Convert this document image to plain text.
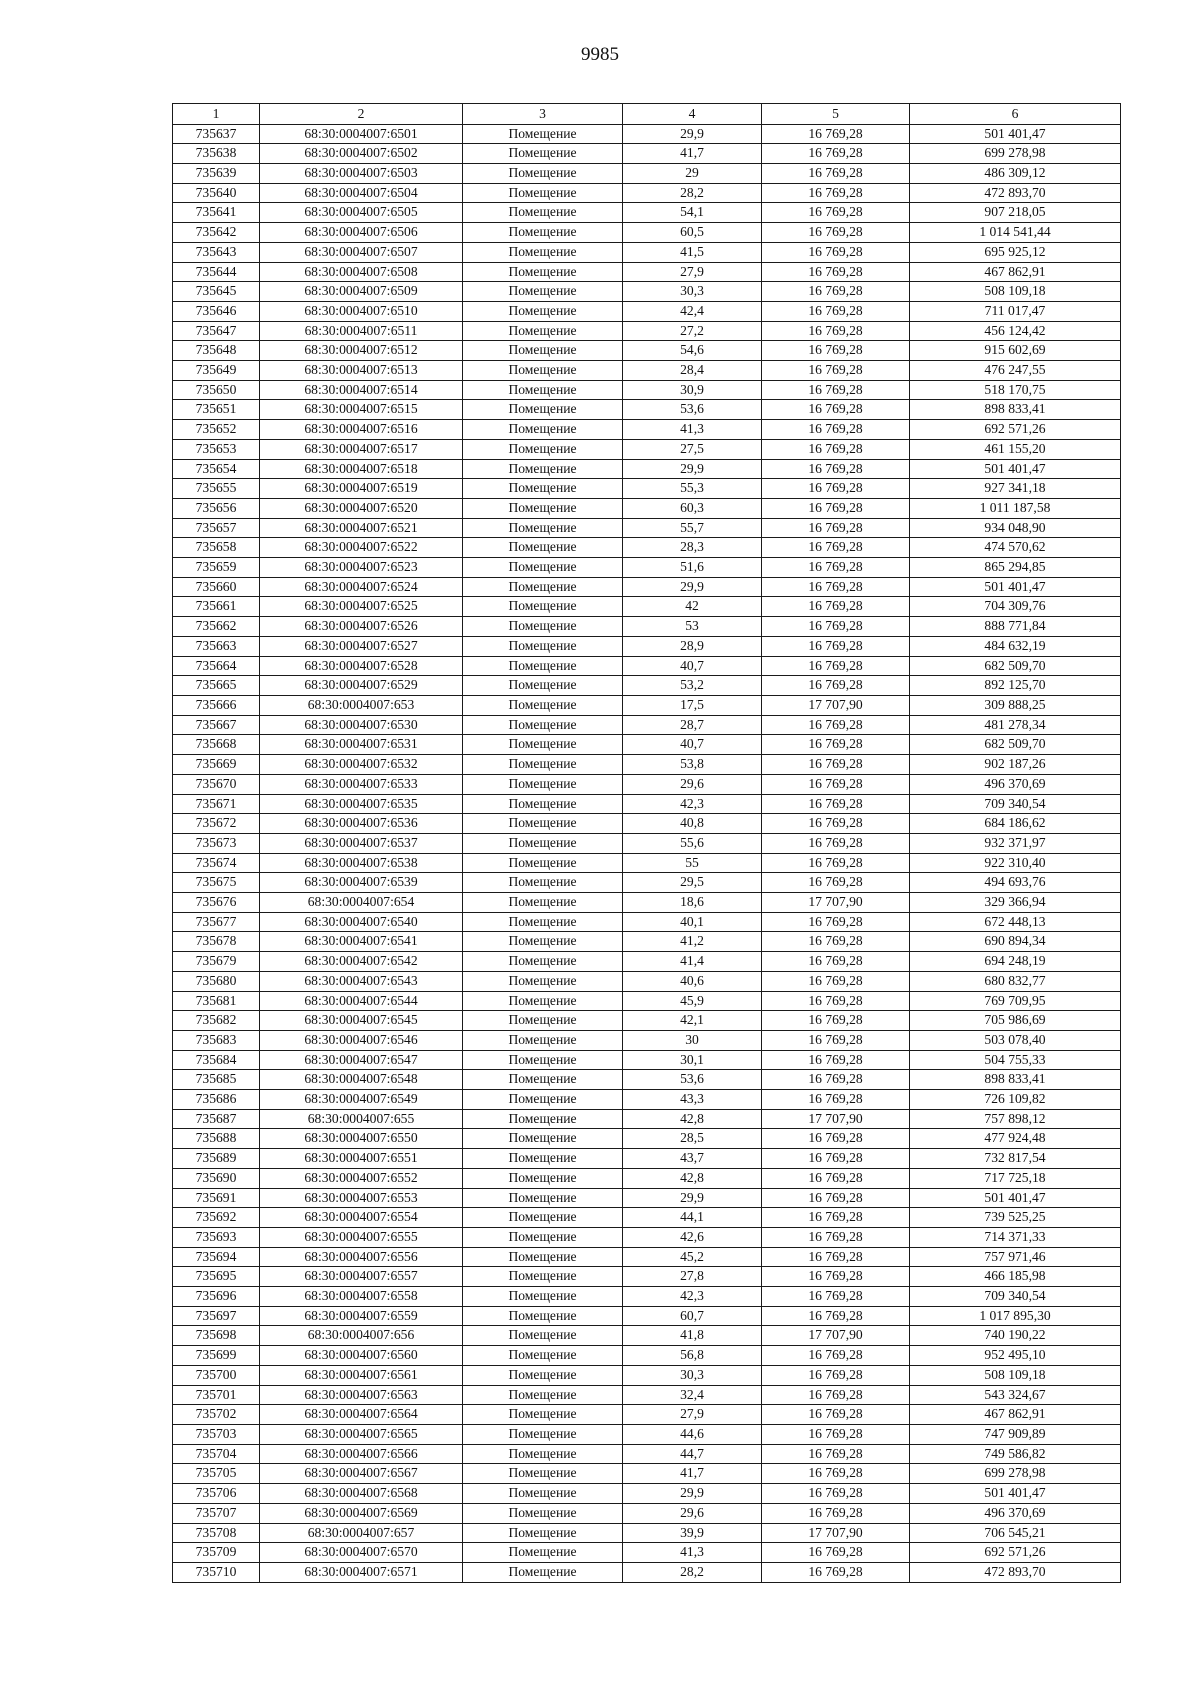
9985
1	2	3	4	5	6
735637	68:30:0004007:6501	Помещение	29,9	16 769,28	501 401,47
735638	68:30:0004007:6502	Помещение	41,7	16 769,28	699 278,98
735639	68:30:0004007:6503	Помещение	29	16 769,28	486 309,12
735640	68:30:0004007:6504	Помещение	28,2	16 769,28	472 893,70
735641	68:30:0004007:6505	Помещение	54,1	16 769,28	907 218,05
735642	68:30:0004007:6506	Помещение	60,5	16 769,28	1 014 541,44
735643	68:30:0004007:6507	Помещение	41,5	16 769,28	695 925,12
735644	68:30:0004007:6508	Помещение	27,9	16 769,28	467 862,91
735645	68:30:0004007:6509	Помещение	30,3	16 769,28	508 109,18
735646	68:30:0004007:6510	Помещение	42,4	16 769,28	711 017,47
735647	68:30:0004007:6511	Помещение	27,2	16 769,28	456 124,42
735648	68:30:0004007:6512	Помещение	54,6	16 769,28	915 602,69
735649	68:30:0004007:6513	Помещение	28,4	16 769,28	476 247,55
735650	68:30:0004007:6514	Помещение	30,9	16 769,28	518 170,75
735651	68:30:0004007:6515	Помещение	53,6	16 769,28	898 833,41
735652	68:30:0004007:6516	Помещение	41,3	16 769,28	692 571,26
735653	68:30:0004007:6517	Помещение	27,5	16 769,28	461 155,20
735654	68:30:0004007:6518	Помещение	29,9	16 769,28	501 401,47
735655	68:30:0004007:6519	Помещение	55,3	16 769,28	927 341,18
735656	68:30:0004007:6520	Помещение	60,3	16 769,28	1 011 187,58
735657	68:30:0004007:6521	Помещение	55,7	16 769,28	934 048,90
735658	68:30:0004007:6522	Помещение	28,3	16 769,28	474 570,62
735659	68:30:0004007:6523	Помещение	51,6	16 769,28	865 294,85
735660	68:30:0004007:6524	Помещение	29,9	16 769,28	501 401,47
735661	68:30:0004007:6525	Помещение	42	16 769,28	704 309,76
735662	68:30:0004007:6526	Помещение	53	16 769,28	888 771,84
735663	68:30:0004007:6527	Помещение	28,9	16 769,28	484 632,19
735664	68:30:0004007:6528	Помещение	40,7	16 769,28	682 509,70
735665	68:30:0004007:6529	Помещение	53,2	16 769,28	892 125,70
735666	68:30:0004007:653	Помещение	17,5	17 707,90	309 888,25
735667	68:30:0004007:6530	Помещение	28,7	16 769,28	481 278,34
735668	68:30:0004007:6531	Помещение	40,7	16 769,28	682 509,70
735669	68:30:0004007:6532	Помещение	53,8	16 769,28	902 187,26
735670	68:30:0004007:6533	Помещение	29,6	16 769,28	496 370,69
735671	68:30:0004007:6535	Помещение	42,3	16 769,28	709 340,54
735672	68:30:0004007:6536	Помещение	40,8	16 769,28	684 186,62
735673	68:30:0004007:6537	Помещение	55,6	16 769,28	932 371,97
735674	68:30:0004007:6538	Помещение	55	16 769,28	922 310,40
735675	68:30:0004007:6539	Помещение	29,5	16 769,28	494 693,76
735676	68:30:0004007:654	Помещение	18,6	17 707,90	329 366,94
735677	68:30:0004007:6540	Помещение	40,1	16 769,28	672 448,13
735678	68:30:0004007:6541	Помещение	41,2	16 769,28	690 894,34
735679	68:30:0004007:6542	Помещение	41,4	16 769,28	694 248,19
735680	68:30:0004007:6543	Помещение	40,6	16 769,28	680 832,77
735681	68:30:0004007:6544	Помещение	45,9	16 769,28	769 709,95
735682	68:30:0004007:6545	Помещение	42,1	16 769,28	705 986,69
735683	68:30:0004007:6546	Помещение	30	16 769,28	503 078,40
735684	68:30:0004007:6547	Помещение	30,1	16 769,28	504 755,33
735685	68:30:0004007:6548	Помещение	53,6	16 769,28	898 833,41
735686	68:30:0004007:6549	Помещение	43,3	16 769,28	726 109,82
735687	68:30:0004007:655	Помещение	42,8	17 707,90	757 898,12
735688	68:30:0004007:6550	Помещение	28,5	16 769,28	477 924,48
735689	68:30:0004007:6551	Помещение	43,7	16 769,28	732 817,54
735690	68:30:0004007:6552	Помещение	42,8	16 769,28	717 725,18
735691	68:30:0004007:6553	Помещение	29,9	16 769,28	501 401,47
735692	68:30:0004007:6554	Помещение	44,1	16 769,28	739 525,25
735693	68:30:0004007:6555	Помещение	42,6	16 769,28	714 371,33
735694	68:30:0004007:6556	Помещение	45,2	16 769,28	757 971,46
735695	68:30:0004007:6557	Помещение	27,8	16 769,28	466 185,98
735696	68:30:0004007:6558	Помещение	42,3	16 769,28	709 340,54
735697	68:30:0004007:6559	Помещение	60,7	16 769,28	1 017 895,30
735698	68:30:0004007:656	Помещение	41,8	17 707,90	740 190,22
735699	68:30:0004007:6560	Помещение	56,8	16 769,28	952 495,10
735700	68:30:0004007:6561	Помещение	30,3	16 769,28	508 109,18
735701	68:30:0004007:6563	Помещение	32,4	16 769,28	543 324,67
735702	68:30:0004007:6564	Помещение	27,9	16 769,28	467 862,91
735703	68:30:0004007:6565	Помещение	44,6	16 769,28	747 909,89
735704	68:30:0004007:6566	Помещение	44,7	16 769,28	749 586,82
735705	68:30:0004007:6567	Помещение	41,7	16 769,28	699 278,98
735706	68:30:0004007:6568	Помещение	29,9	16 769,28	501 401,47
735707	68:30:0004007:6569	Помещение	29,6	16 769,28	496 370,69
735708	68:30:0004007:657	Помещение	39,9	17 707,90	706 545,21
735709	68:30:0004007:6570	Помещение	41,3	16 769,28	692 571,26
735710	68:30:0004007:6571	Помещение	28,2	16 769,28	472 893,70
